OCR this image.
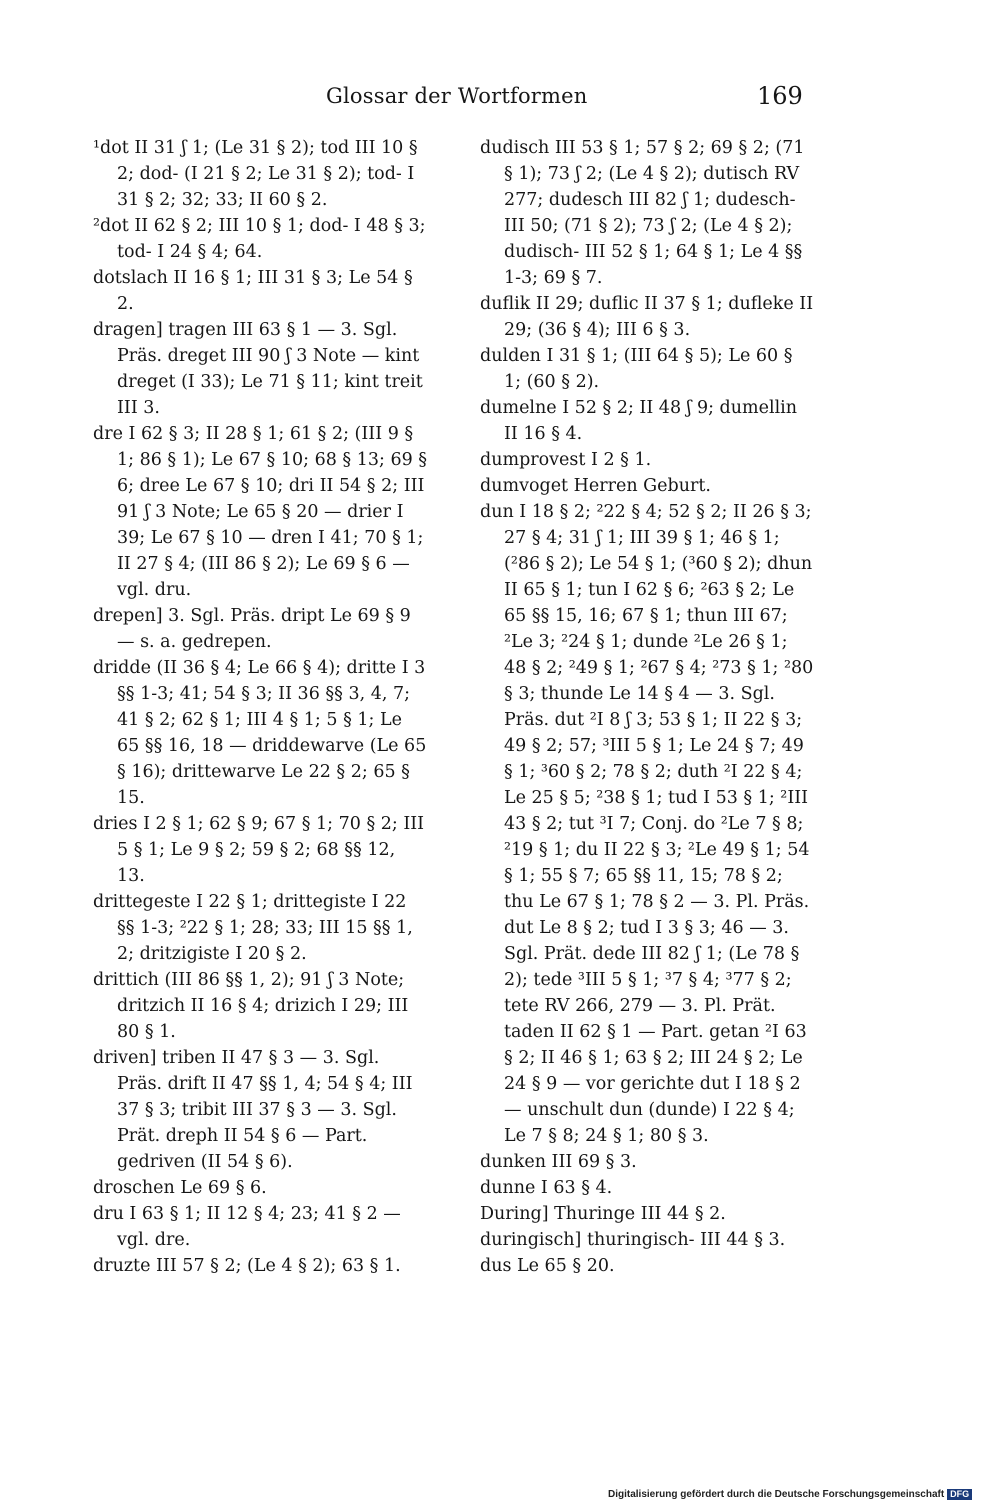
Glossar der Wortformen	169

¹dot II 31 ʃ 1; (Le 31 § 2); tod III 10 § 2; dod- (I 21 § 2; Le 31 § 2); tod- I 31 § 2; 32; 33; II 60 § 2.

²dot II 62 § 2; III 10 § 1; dod- I 48 § 3; tod- I 24 § 4; 64.

dotslach II 16 § 1; III 31 § 3; Le 54 § 2.

dragen] tragen III 63 § 1 — 3. Sgl. Präs. dreget III 90 ʃ 3 Note — kint dreget (I 33); Le 71 § 11; kint treit III 3.

dre I 62 § 3; II 28 § 1; 61 § 2; (III 9 § 1; 86 § 1); Le 67 § 10; 68 § 13; 69 § 6; dree Le 67 § 10; dri II 54 § 2; III 91 ʃ 3 Note; Le 65 § 20 — drier I 39; Le 67 § 10 — dren I 41; 70 § 1; II 27 § 4; (III 86 § 2); Le 69 § 6 — vgl. dru.

drepen] 3. Sgl. Präs. dript Le 69 § 9 — s. a. gedrepen.

dridde (II 36 § 4; Le 66 § 4); dritte I 3 §§ 1-3; 41; 54 § 3; II 36 §§ 3, 4, 7; 41 § 2; 62 § 1; III 4 § 1; 5 § 1; Le 65 §§ 16, 18 — driddewarve (Le 65 § 16); drittewarve Le 22 § 2; 65 § 15.

dries I 2 § 1; 62 § 9; 67 § 1; 70 § 2; III 5 § 1; Le 9 § 2; 59 § 2; 68 §§ 12, 13.

drittegeste I 22 § 1; drittegiste I 22 §§ 1-3; ²22 § 1; 28; 33; III 15 §§ 1, 2; dritzigiste I 20 § 2.

drittich (III 86 §§ 1, 2); 91 ʃ 3 Note; dritzich II 16 § 4; drizich I 29; III 80 § 1.

driven] triben II 47 § 3 — 3. Sgl. Präs. drift II 47 §§ 1, 4; 54 § 4; III 37 § 3; tribit III 37 § 3 — 3. Sgl. Prät. dreph II 54 § 6 — Part. gedriven (II 54 § 6).

droschen Le 69 § 6.

dru I 63 § 1; II 12 § 4; 23; 41 § 2 — vgl. dre.

druzte III 57 § 2; (Le 4 § 2); 63 § 1.

dudisch III 53 § 1; 57 § 2; 69 § 2; (71 § 1); 73 ʃ 2; (Le 4 § 2); dutisch RV 277; dudesch III 82 ʃ 1; dudesch- III 50; (71 § 2); 73 ʃ 2; (Le 4 § 2); dudisch- III 52 § 1; 64 § 1; Le 4 §§ 1-3; 69 § 7.

duflik II 29; duflic II 37 § 1; dufleke II 29; (36 § 4); III 6 § 3.

dulden I 31 § 1; (III 64 § 5); Le 60 § 1; (60 § 2).

dumelne I 52 § 2; II 48 ʃ 9; dumellin II 16 § 4.

dumprovest I 2 § 1.

dumvoget Herren Geburt.

dun I 18 § 2; ²22 § 4; 52 § 2; II 26 § 3; 27 § 4; 31 ʃ 1; III 39 § 1; 46 § 1; (²86 § 2); Le 54 § 1; (³60 § 2); dhun II 65 § 1; tun I 62 § 6; ²63 § 2; Le 65 §§ 15, 16; 67 § 1; thun III 67; ²Le 3; ²24 § 1; dunde ²Le 26 § 1; 48 § 2; ²49 § 1; ²67 § 4; ²73 § 1; ²80 § 3; thunde Le 14 § 4 — 3. Sgl. Präs. dut ²I 8 ʃ 3; 53 § 1; II 22 § 3; 49 § 2; 57; ³III 5 § 1; Le 24 § 7; 49 § 1; ³60 § 2; 78 § 2; duth ²I 22 § 4; Le 25 § 5; ²38 § 1; tud I 53 § 1; ²III 43 § 2; tut ³I 7; Conj. do ²Le 7 § 8; ²19 § 1; du II 22 § 3; ²Le 49 § 1; 54 § 1; 55 § 7; 65 §§ 11, 15; 78 § 2; thu Le 67 § 1; 78 § 2 — 3. Pl. Präs. dut Le 8 § 2; tud I 3 § 3; 46 — 3. Sgl. Prät. dede III 82 ʃ 1; (Le 78 § 2); tede ³III 5 § 1; ³7 § 4; ³77 § 2; tete RV 266, 279 — 3. Pl. Prät. taden II 62 § 1 — Part. getan ²I 63 § 2; II 46 § 1; 63 § 2; III 24 § 2; Le 24 § 9 — vor gerichte dut I 18 § 2 — unschult dun (dunde) I 22 § 4; Le 7 § 8; 24 § 1; 80 § 3.

dunken III 69 § 3.

dunne I 63 § 4.

During] Thuringe III 44 § 2.

duringisch] thuringisch- III 44 § 3.

dus Le 65 § 20.

Digitalisierung gefördert durch die Deutsche Forschungsgemeinschaft DFG
